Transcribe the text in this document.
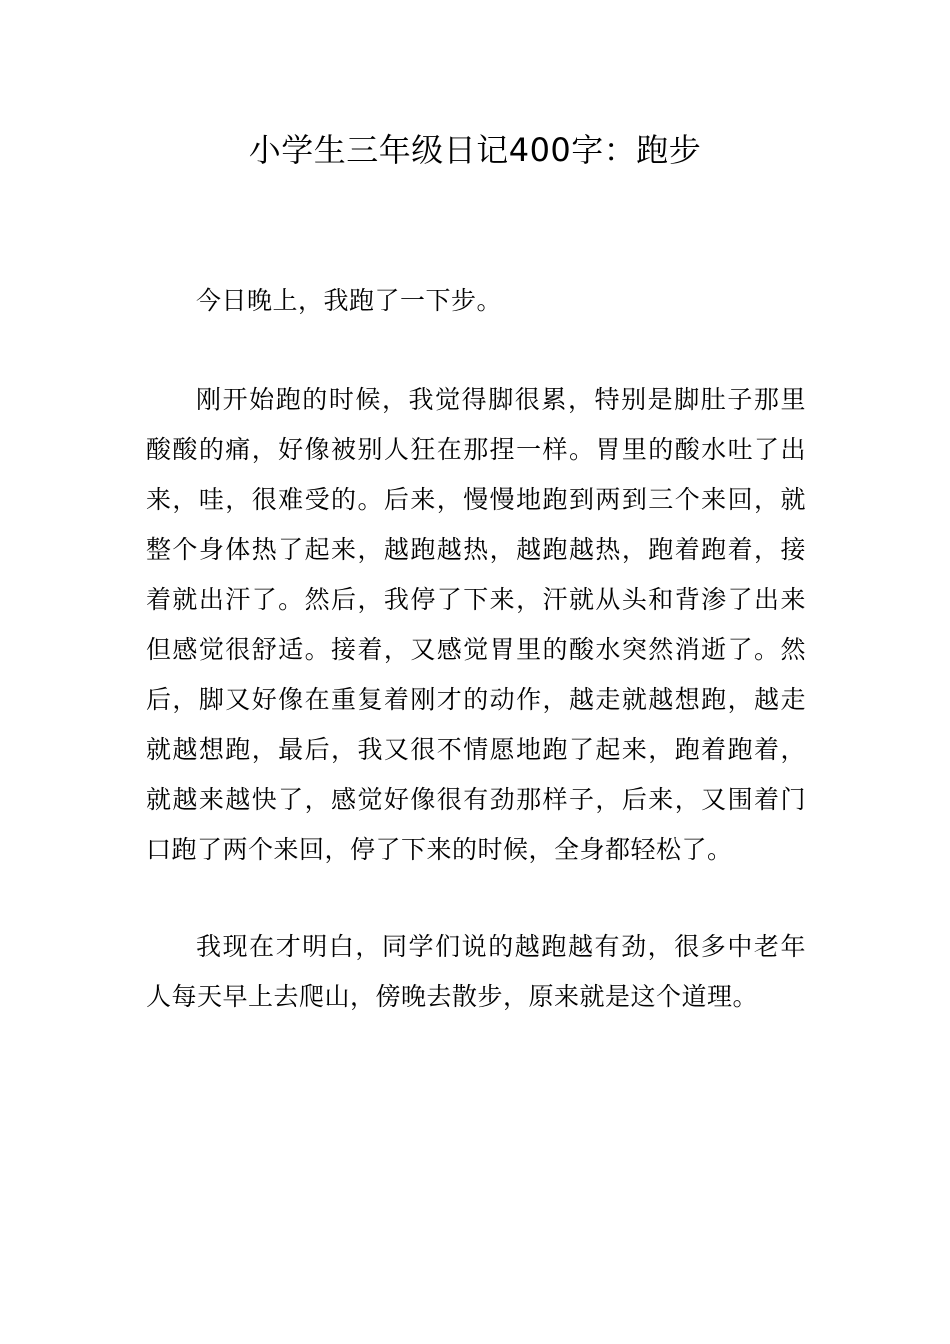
小学生三年级日记400字：跑步

今日晚上，我跑了一下步。

刚开始跑的时候，我觉得脚很累，特别是脚肚子那里酸酸的痛，好像被别人狂在那捏一样。胃里的酸水吐了出来，哇，很难受的。后来，慢慢地跑到两到三个来回，就整个身体热了起来，越跑越热，越跑越热，跑着跑着，接着就出汗了。然后，我停了下来，汗就从头和背渗了出来但感觉很舒适。接着，又感觉胃里的酸水突然消逝了。然后，脚又好像在重复着刚才的动作，越走就越想跑，越走就越想跑，最后，我又很不情愿地跑了起来，跑着跑着，就越来越快了，感觉好像很有劲那样子，后来，又围着门口跑了两个来回，停了下来的时候，全身都轻松了。

我现在才明白，同学们说的越跑越有劲，很多中老年人每天早上去爬山，傍晚去散步，原来就是这个道理。
